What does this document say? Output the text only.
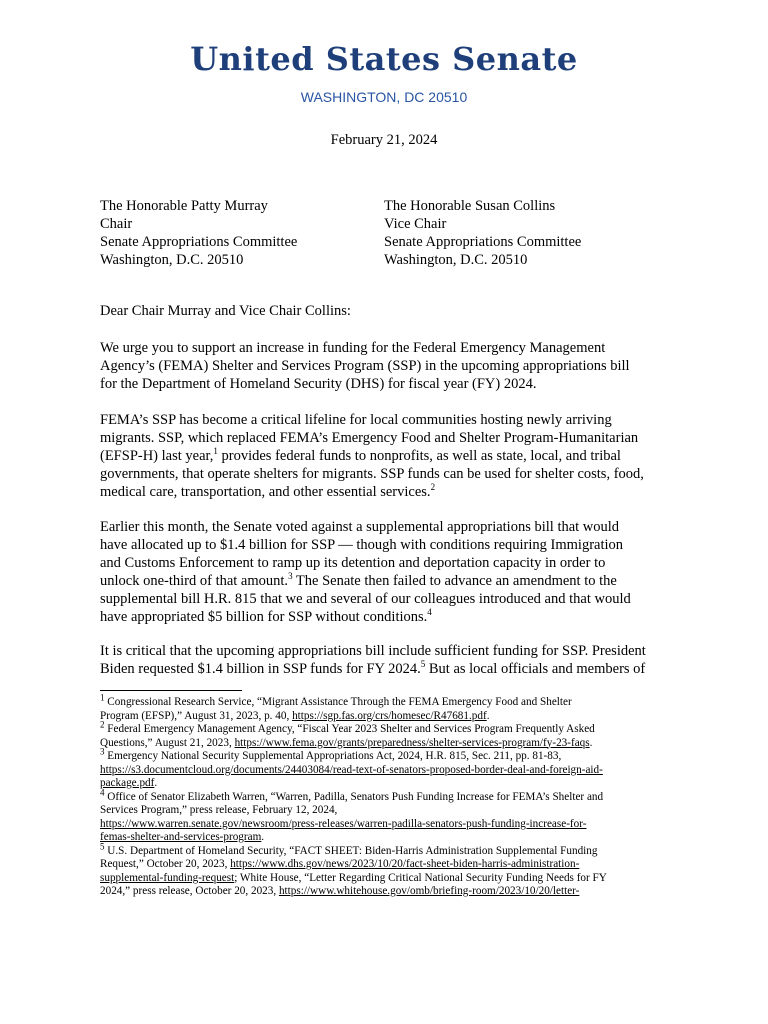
United States Senate
WASHINGTON, DC 20510
February 21, 2024
The Honorable Patty Murray
Chair
Senate Appropriations Committee
Washington, D.C. 20510
The Honorable Susan Collins
Vice Chair
Senate Appropriations Committee
Washington, D.C. 20510
Dear Chair Murray and Vice Chair Collins:
We urge you to support an increase in funding for the Federal Emergency Management
Agency’s (FEMA) Shelter and Services Program (SSP) in the upcoming appropriations bill
for the Department of Homeland Security (DHS) for fiscal year (FY) 2024.
FEMA’s SSP has become a critical lifeline for local communities hosting newly arriving
migrants. SSP, which replaced FEMA’s Emergency Food and Shelter Program-Humanitarian
(EFSP-H) last year,$^1$ provides federal funds to nonprofits, as well as state, local, and tribal
governments, that operate shelters for migrants. SSP funds can be used for shelter costs, food,
medical care, transportation, and other essential services.$^2$
Earlier this month, the Senate voted against a supplemental appropriations bill that would
have allocated up to $1.4 billion for SSP — though with conditions requiring Immigration
and Customs Enforcement to ramp up its detention and deportation capacity in order to
unlock one-third of that amount.$^3$ The Senate then failed to advance an amendment to the
supplemental bill H.R. 815 that we and several of our colleagues introduced and that would
have appropriated $5 billion for SSP without conditions.$^4$
It is critical that the upcoming appropriations bill include sufficient funding for SSP. President
Biden requested $1.4 billion in SSP funds for FY 2024.$^5$ But as local officials and members of
$^1$ Congressional Research Service, “Migrant Assistance Through the FEMA Emergency Food and Shelter
Program (EFSP),” August 31, 2023, p. 40, https://sgp.fas.org/crs/homesec/R47681.pdf.
$^2$ Federal Emergency Management Agency, “Fiscal Year 2023 Shelter and Services Program Frequently Asked
Questions,” August 21, 2023, https://www.fema.gov/grants/preparedness/shelter-services-program/fy-23-faqs.
$^3$ Emergency National Security Supplemental Appropriations Act, 2024, H.R. 815, Sec. 211, pp. 81-83,
https://s3.documentcloud.org/documents/24403084/read-text-of-senators-proposed-border-deal-and-foreign-aid-
package.pdf.
$^4$ Office of Senator Elizabeth Warren, “Warren, Padilla, Senators Push Funding Increase for FEMA’s Shelter and
Services Program,” press release, February 12, 2024,
https://www.warren.senate.gov/newsroom/press-releases/warren-padilla-senators-push-funding-increase-for-
femas-shelter-and-services-program.
$^5$ U.S. Department of Homeland Security, “FACT SHEET: Biden-Harris Administration Supplemental Funding
Request,” October 20, 2023, https://www.dhs.gov/news/2023/10/20/fact-sheet-biden-harris-administration-
supplemental-funding-request; White House, “Letter Regarding Critical National Security Funding Needs for FY
2024,” press release, October 20, 2023, https://www.whitehouse.gov/omb/briefing-room/2023/10/20/letter-
